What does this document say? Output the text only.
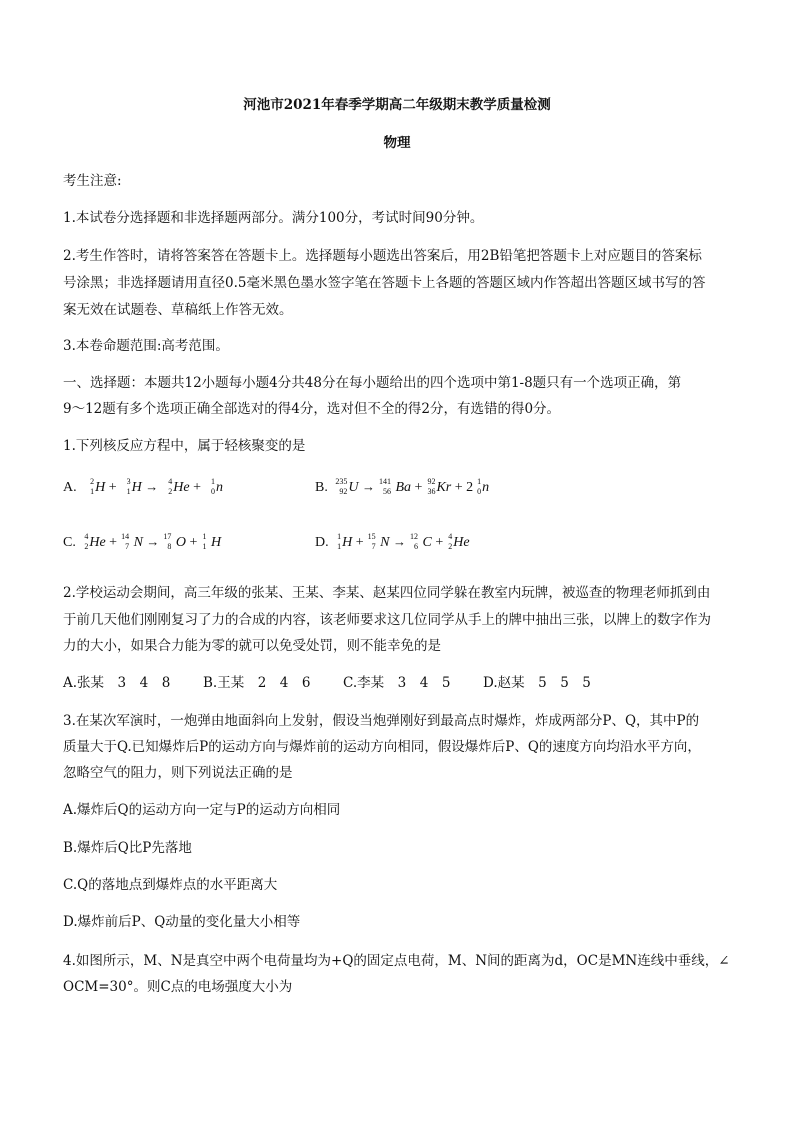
河池市2021年春季学期高二年级期末教学质量检测
物理
考生注意:
1.本试卷分选择题和非选择题两部分。满分100分，考试时间90分钟。
2.考生作答时，请将答案答在答题卡上。选择题每小题选出答案后，用2B铅笔把答题卡上对应题目的答案标
号涂黑；非选择题请用直径0.5毫米黑色墨水签字笔在答题卡上各题的答题区域内作答超出答题区域书写的答
案无效在试题卷、草稿纸上作答无效。
3.本卷命题范围:高考范围。
一、选择题：本题共12小题每小题4分共48分在每小题给出的四个选项中第1-8题只有一个选项正确，第
9～12题有多个选项正确全部选对的得4分，选对但不全的得2分，有选错的得0分。
1.下列核反应方程中，属于轻核聚变的是
A. 2
1 H + 3
1 H → 4
2 He + 1
0 n	B. 235
92 U → 141
56 Ba + 92
36 Kr + 2 1
0 n
C. 4
2 He + 14
7 N → 17
8 O + 1
1 H	D. 1
1 H + 15
7 N → 12
6 C + 4
2 He
2.学校运动会期间，高三年级的张某、王某、李某、赵某四位同学躲在教室内玩牌，被巡查的物理老师抓到由
于前几天他们刚刚复习了力的合成的内容，该老师要求这几位同学从手上的牌中抽出三张，以牌上的数字作为
力的大小，如果合力能为零的就可以免受处罚，则不能幸免的是
A.张某　3　4　8 B.王某　2　4　6 C.李某　3　4　5 D.赵某　5　5　5
3.在某次军演时，一炮弹由地面斜向上发射，假设当炮弹刚好到最高点时爆炸，炸成两部分P、Q，其中P的
质量大于Q.已知爆炸后P的运动方向与爆炸前的运动方向相同，假设爆炸后P、Q的速度方向均沿水平方向，
忽略空气的阻力，则下列说法正确的是
A.爆炸后Q的运动方向一定与P的运动方向相同
B.爆炸后Q比P先落地
C.Q的落地点到爆炸点的水平距离大
D.爆炸前后P、Q动量的变化量大小相等
4.如图所示，M、N是真空中两个电荷量均为+Q的固定点电荷，M、N间的距离为d，OC是MN连线中垂线，∠
OCM=30°。则C点的电场强度大小为
